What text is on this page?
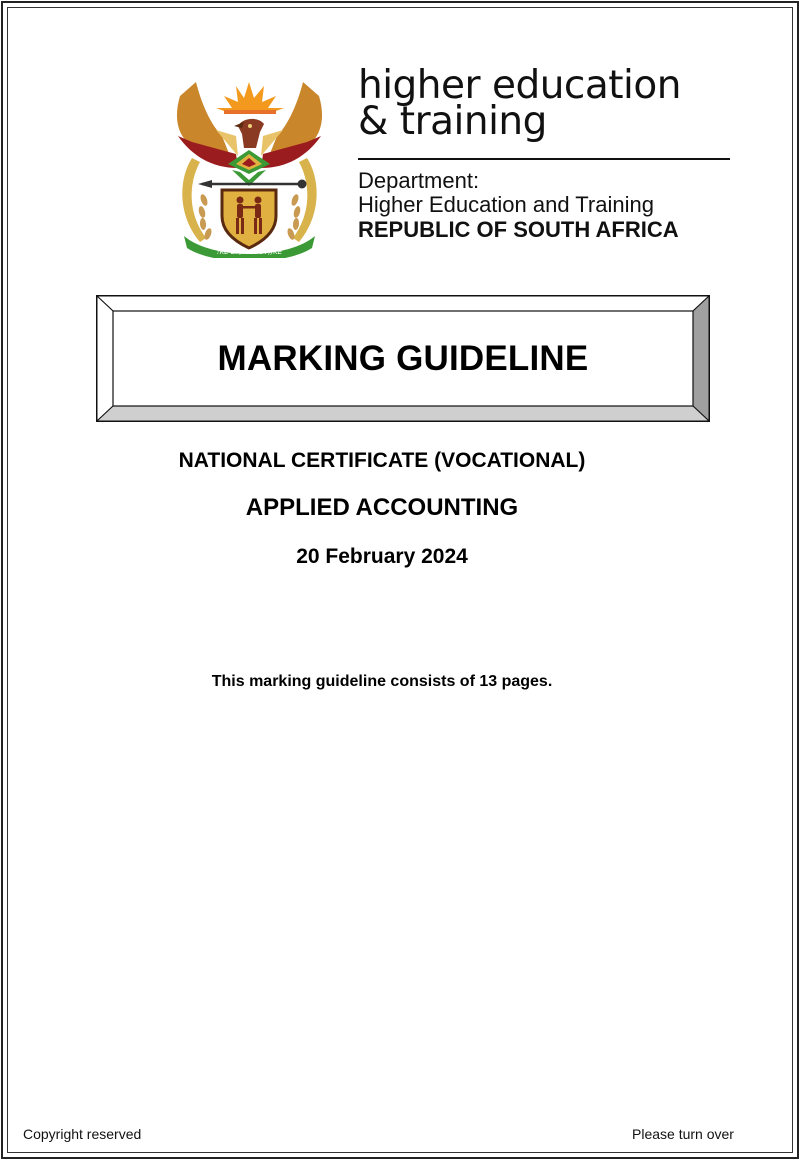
!KE E: /XARRA //KE
higher education
& training
Department:
Higher Education and Training
REPUBLIC OF SOUTH AFRICA
MARKING GUIDELINE
NATIONAL CERTIFICATE (VOCATIONAL)
APPLIED ACCOUNTING
20 February 2024
This marking guideline consists of 13 pages.
Copyright reserved	Please turn over
